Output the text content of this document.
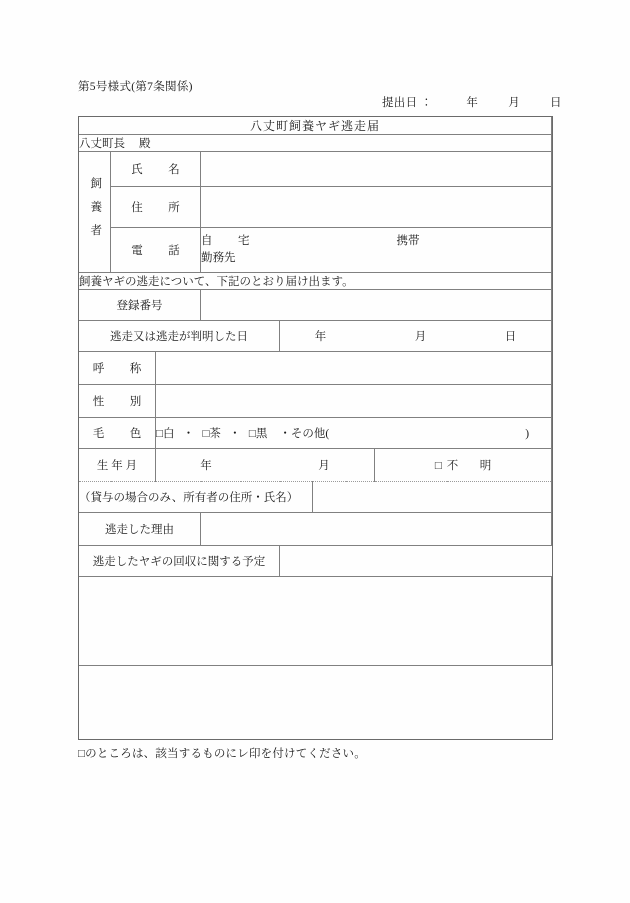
第5号様式(第7条関係)
提出日 ：	年	月	日
八丈町飼養ヤギ逃走届						
八丈町長 殿						

飼養者	氏　名					

	住　所					

	電　話		自　宅 携帯
勤務先			

飼養ヤギの逃走について、下記のとおり届け出ます。						

登録番号						

逃走又は逃走が判明した日				年 月 日		

呼　称						

性　別						

毛　色		□白 ・ □茶 ・ □黒 ・その他( )				

生 年 月		年 月				□不　明
（貸与の場合のみ、所有者の住所・氏名）						

逃走した理由						

逃走したヤギの回収に関する予定						

□のところは、該当するものにレ印を付けてください。
